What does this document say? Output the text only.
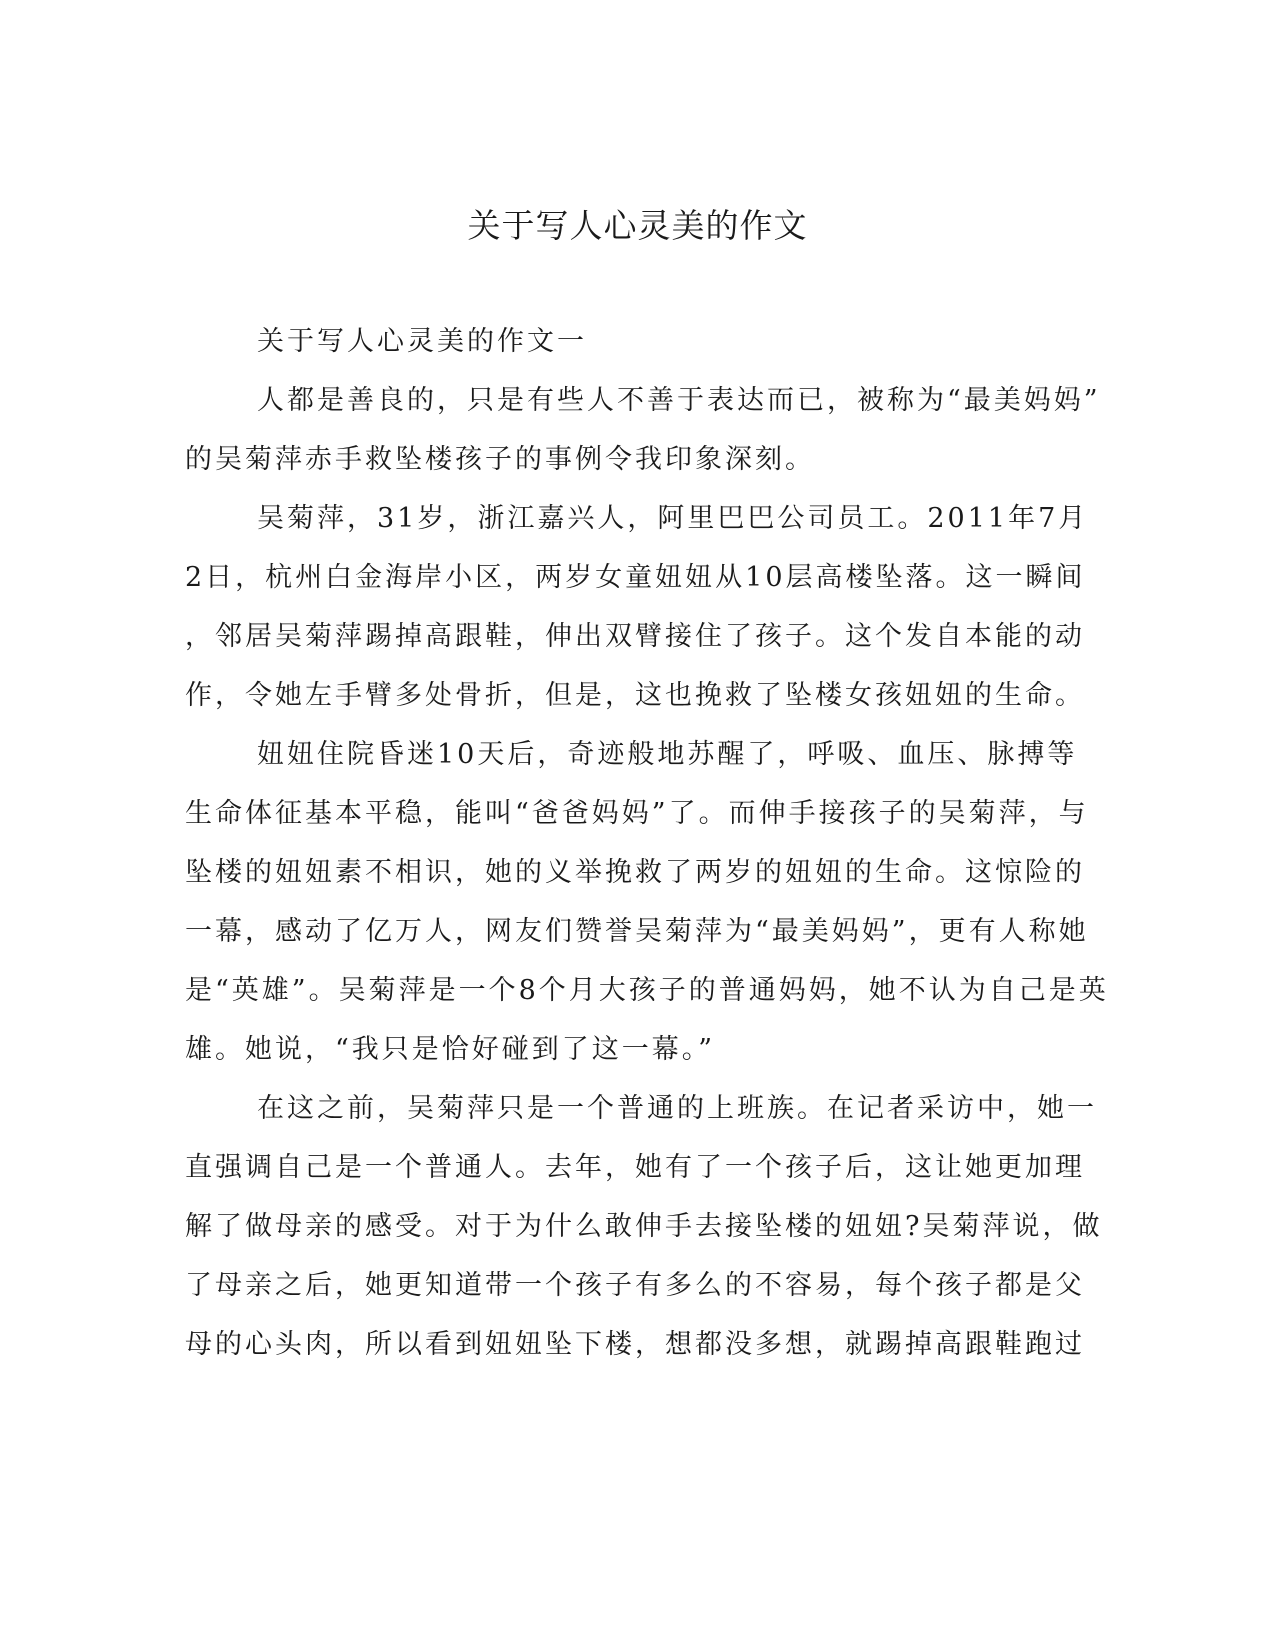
关于写人心灵美的作文
关于写人心灵美的作文一
人都是善良的，只是有些人不善于表达而已，被称为“最美妈妈”
的吴菊萍赤手救坠楼孩子的事例令我印象深刻。
吴菊萍，31岁，浙江嘉兴人，阿里巴巴公司员工。2011年7月
2日，杭州白金海岸小区，两岁女童妞妞从10层高楼坠落。这一瞬间
，邻居吴菊萍踢掉高跟鞋，伸出双臂接住了孩子。这个发自本能的动
作，令她左手臂多处骨折，但是，这也挽救了坠楼女孩妞妞的生命。
妞妞住院昏迷10天后，奇迹般地苏醒了，呼吸、血压、脉搏等
生命体征基本平稳，能叫“爸爸妈妈”了。而伸手接孩子的吴菊萍，与
坠楼的妞妞素不相识，她的义举挽救了两岁的妞妞的生命。这惊险的
一幕，感动了亿万人，网友们赞誉吴菊萍为“最美妈妈”，更有人称她
是“英雄”。吴菊萍是一个8个月大孩子的普通妈妈，她不认为自己是英
雄。她说，“我只是恰好碰到了这一幕。”
在这之前，吴菊萍只是一个普通的上班族。在记者采访中，她一
直强调自己是一个普通人。去年，她有了一个孩子后，这让她更加理
解了做母亲的感受。对于为什么敢伸手去接坠楼的妞妞?吴菊萍说，做
了母亲之后，她更知道带一个孩子有多么的不容易，每个孩子都是父
母的心头肉，所以看到妞妞坠下楼，想都没多想，就踢掉高跟鞋跑过
